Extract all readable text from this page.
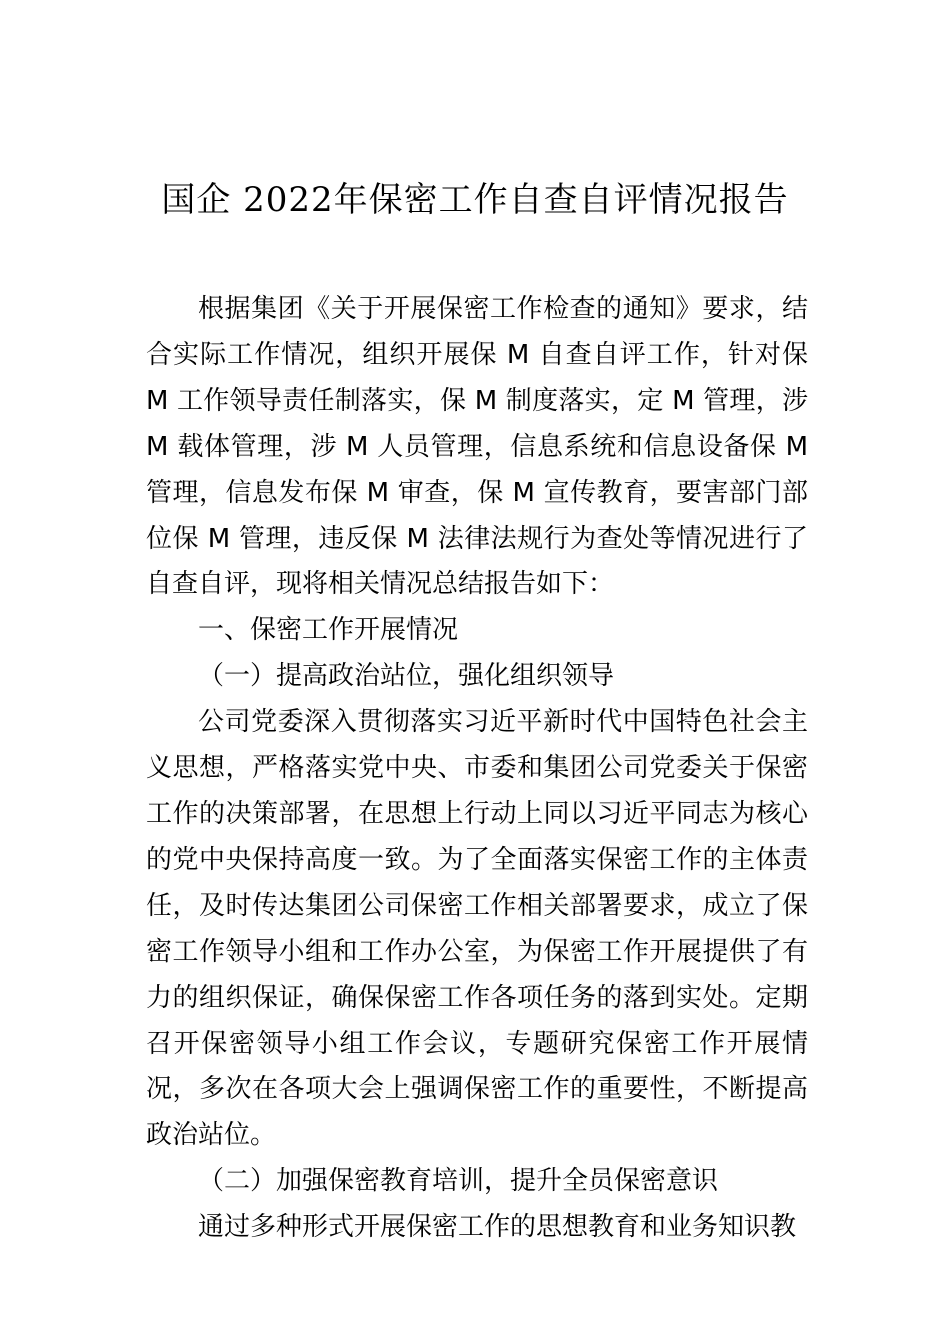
国企 2022年保密工作自查自评情况报告

根据集团《关于开展保密工作检查的通知》要求，结合实际工作情况，组织开展保 M 自查自评工作，针对保 M 工作领导责任制落实，保 M 制度落实，定 M 管理，涉 M 载体管理，涉 M 人员管理，信息系统和信息设备保 M 管理，信息发布保 M 审查，保 M 宣传教育，要害部门部位保 M 管理，违反保 M 法律法规行为查处等情况进行了自查自评，现将相关情况总结报告如下：

一、保密工作开展情况

（一）提高政治站位，强化组织领导

公司党委深入贯彻落实习近平新时代中国特色社会主义思想，严格落实党中央、市委和集团公司党委关于保密工作的决策部署，在思想上行动上同以习近平同志为核心的党中央保持高度一致。为了全面落实保密工作的主体责任，及时传达集团公司保密工作相关部署要求，成立了保密工作领导小组和工作办公室，为保密工作开展提供了有力的组织保证，确保保密工作各项任务的落到实处。定期召开保密领导小组工作会议，专题研究保密工作开展情况，多次在各项大会上强调保密工作的重要性，不断提高政治站位。

（二）加强保密教育培训，提升全员保密意识

通过多种形式开展保密工作的思想教育和业务知识教
